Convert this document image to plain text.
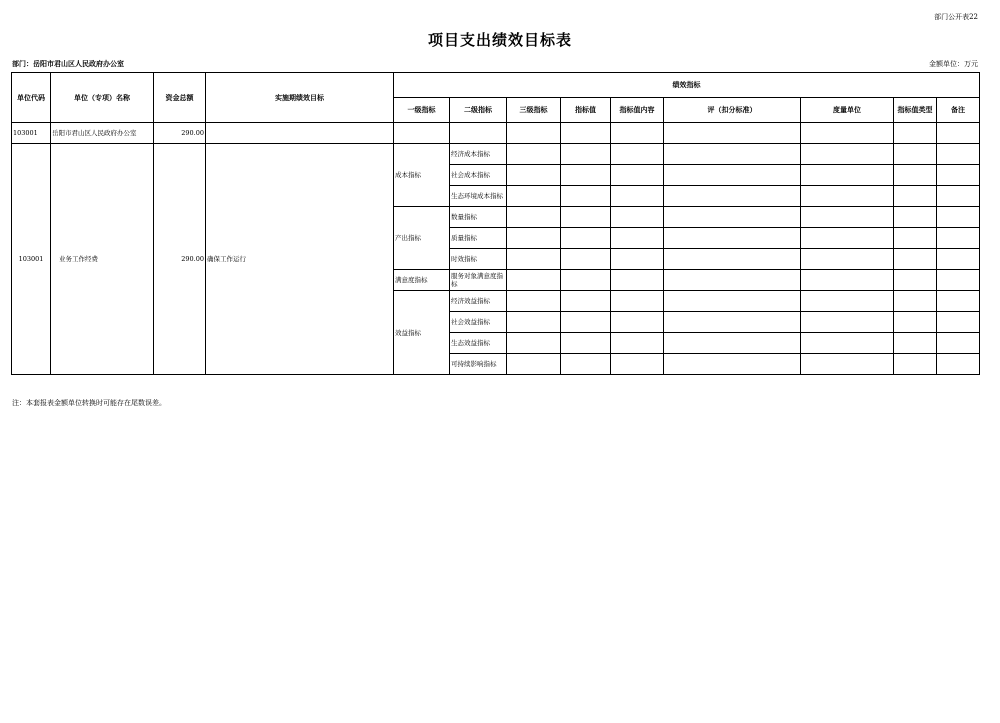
部门公开表22
项目支出绩效目标表
部门：岳阳市君山区人民政府办公室	金额单位：万元
单位代码	单位（专项）名称	资金总额	实施期绩效目标	绩效指标								
				一级指标	二级指标	三级指标	指标值	指标值内容	评（扣分标准）	度量单位	指标值类型	备注
103001	岳阳市君山区人民政府办公室	290.00										
103001	业务工作经费	290.00	确保工作运行	成本指标	经济成本指标							
					社会成本指标							
					生态环境成本指标							
				产出指标	数量指标							
					质量指标							
					时效指标							
				满意度指标	服务对象满意度指标							
				效益指标	经济效益指标							
					社会效益指标							
					生态效益指标							
					可持续影响指标							
注：本套报表金额单位转换时可能存在尾数误差。
